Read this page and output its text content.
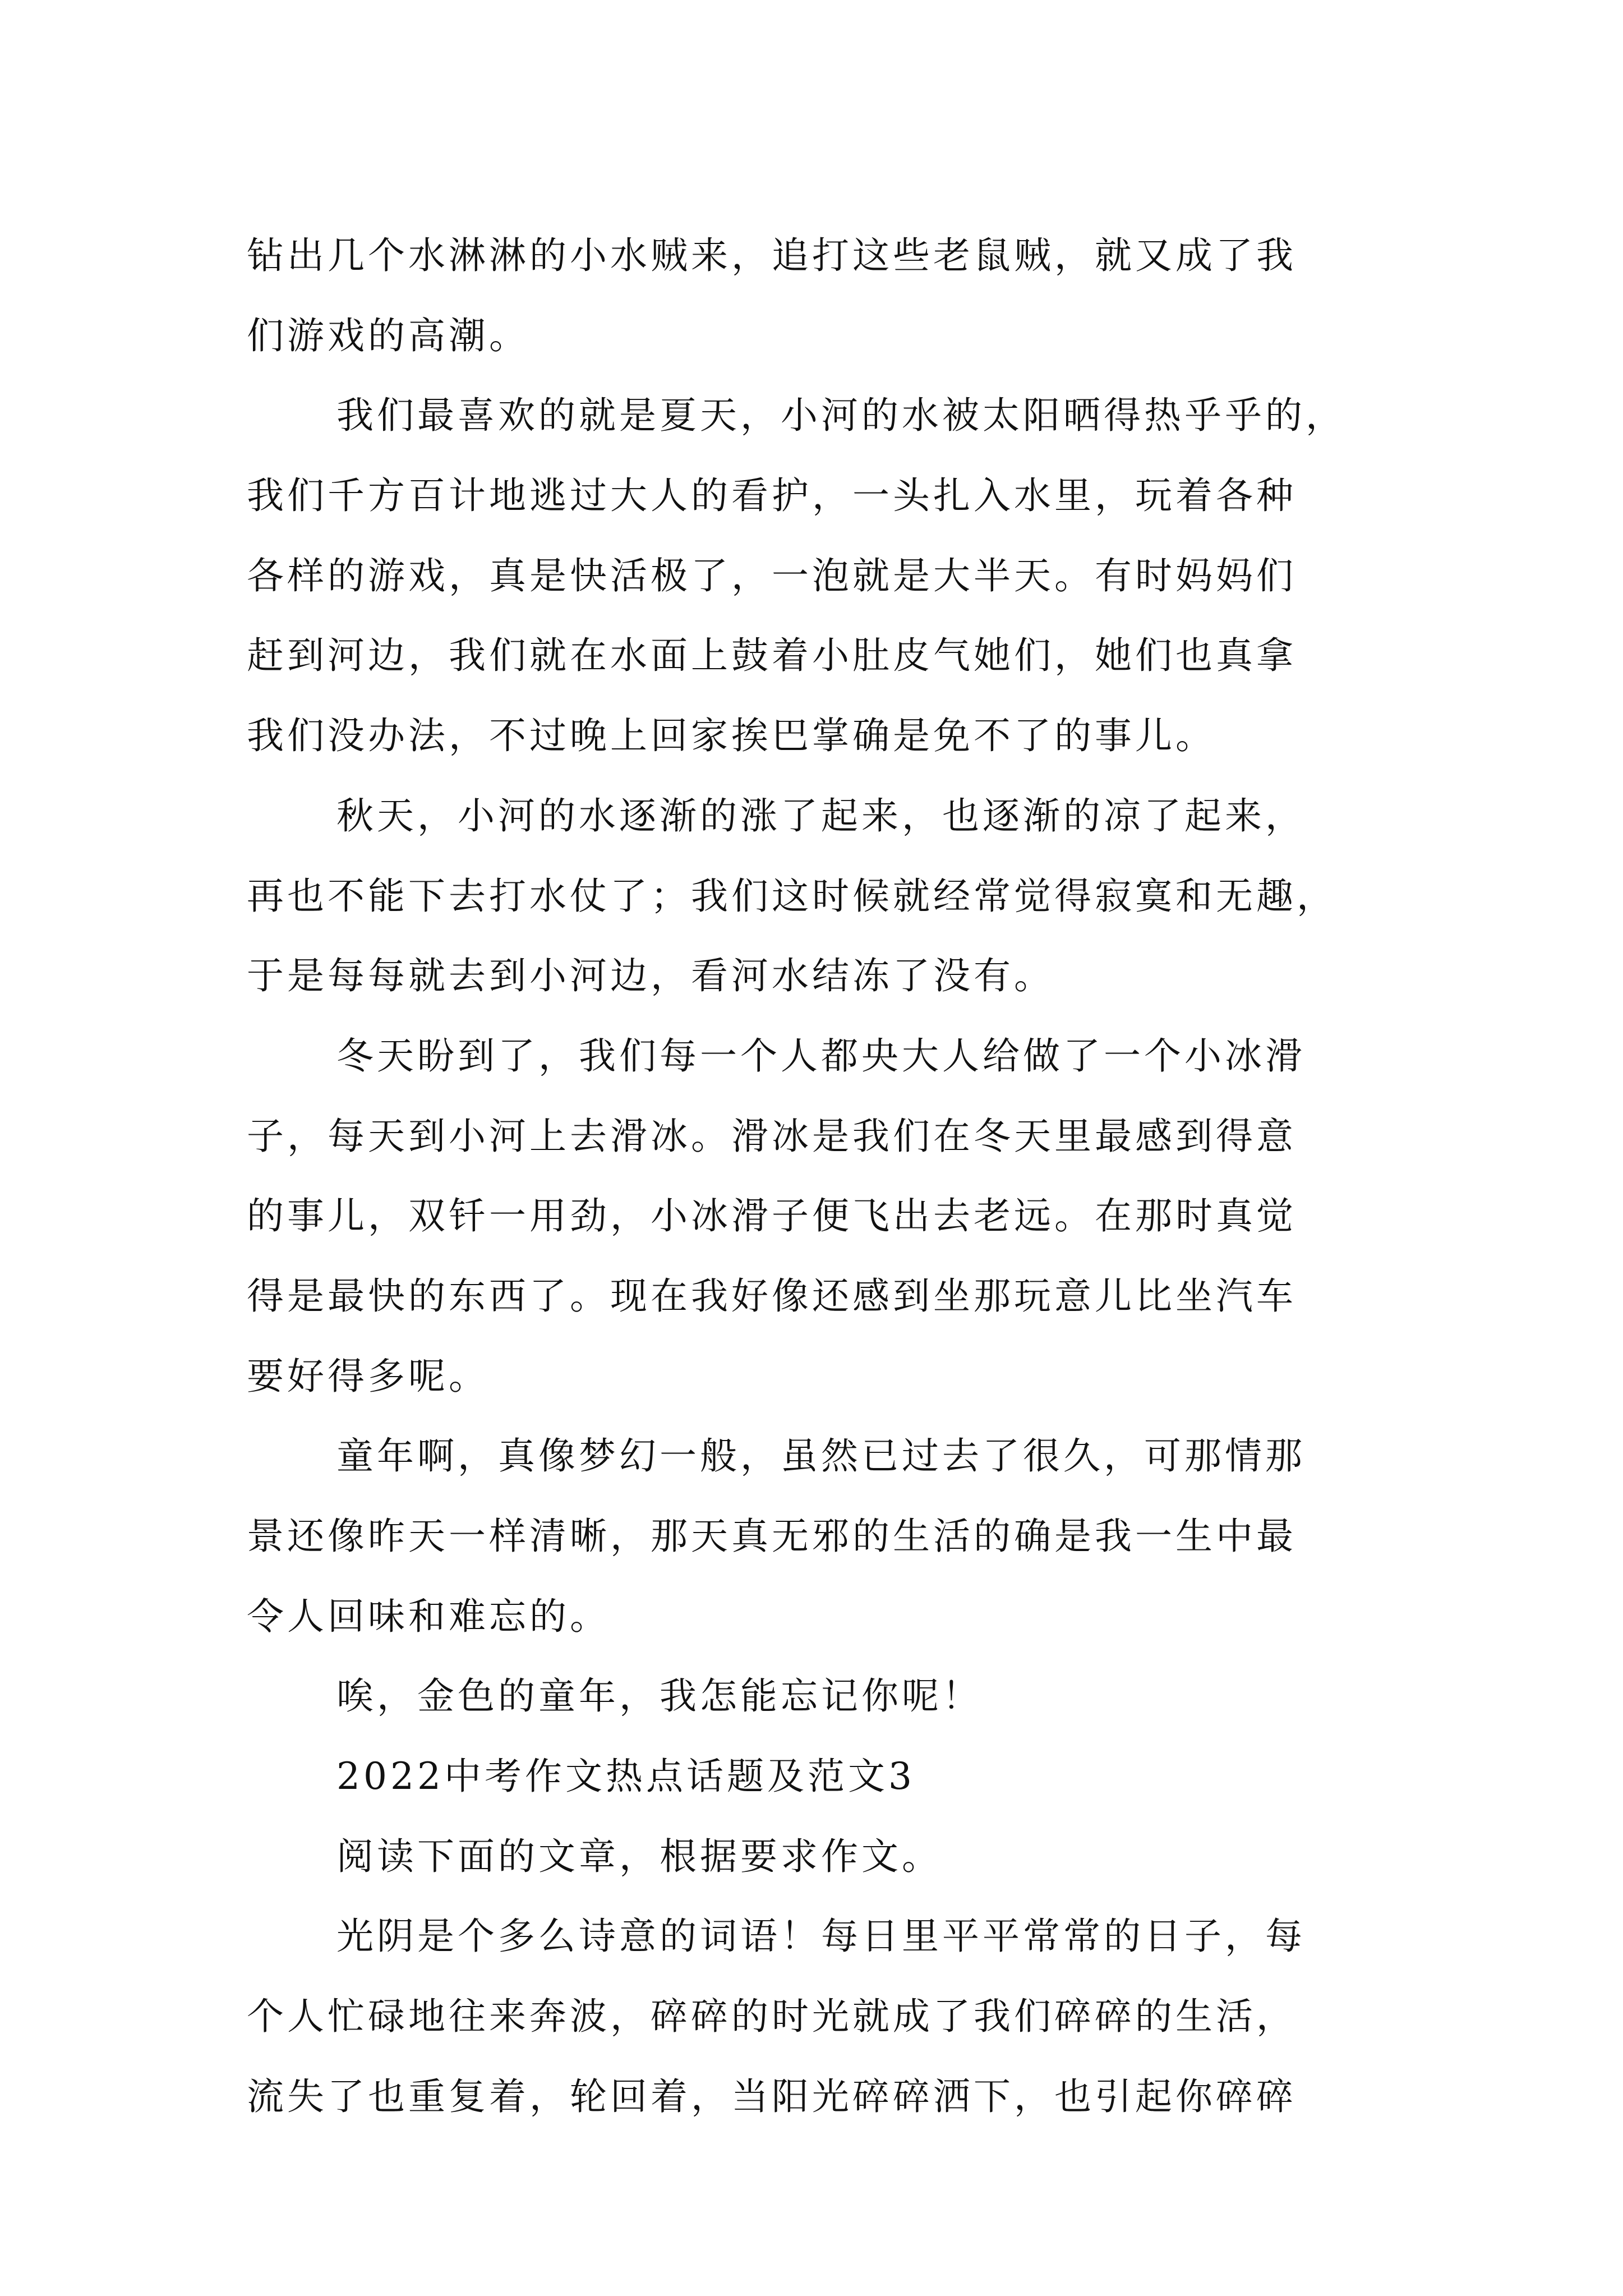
钻出几个水淋淋的小水贼来，追打这些老鼠贼，就又成了我
们游戏的高潮。
我们最喜欢的就是夏天，小河的水被太阳晒得热乎乎的，
我们千方百计地逃过大人的看护，一头扎入水里，玩着各种
各样的游戏，真是快活极了，一泡就是大半天。有时妈妈们
赶到河边，我们就在水面上鼓着小肚皮气她们，她们也真拿
我们没办法，不过晚上回家挨巴掌确是免不了的事儿。
秋天，小河的水逐渐的涨了起来，也逐渐的凉了起来，
再也不能下去打水仗了；我们这时候就经常觉得寂寞和无趣，
于是每每就去到小河边，看河水结冻了没有。
冬天盼到了，我们每一个人都央大人给做了一个小冰滑
子，每天到小河上去滑冰。滑冰是我们在冬天里最感到得意
的事儿，双钎一用劲，小冰滑子便飞出去老远。在那时真觉
得是最快的东西了。现在我好像还感到坐那玩意儿比坐汽车
要好得多呢。
童年啊，真像梦幻一般，虽然已过去了很久，可那情那
景还像昨天一样清晰，那天真无邪的生活的确是我一生中最
令人回味和难忘的。
唉，金色的童年，我怎能忘记你呢！
2022中考作文热点话题及范文3
阅读下面的文章，根据要求作文。
光阴是个多么诗意的词语！每日里平平常常的日子，每
个人忙碌地往来奔波，碎碎的时光就成了我们碎碎的生活，
流失了也重复着，轮回着，当阳光碎碎洒下，也引起你碎碎
